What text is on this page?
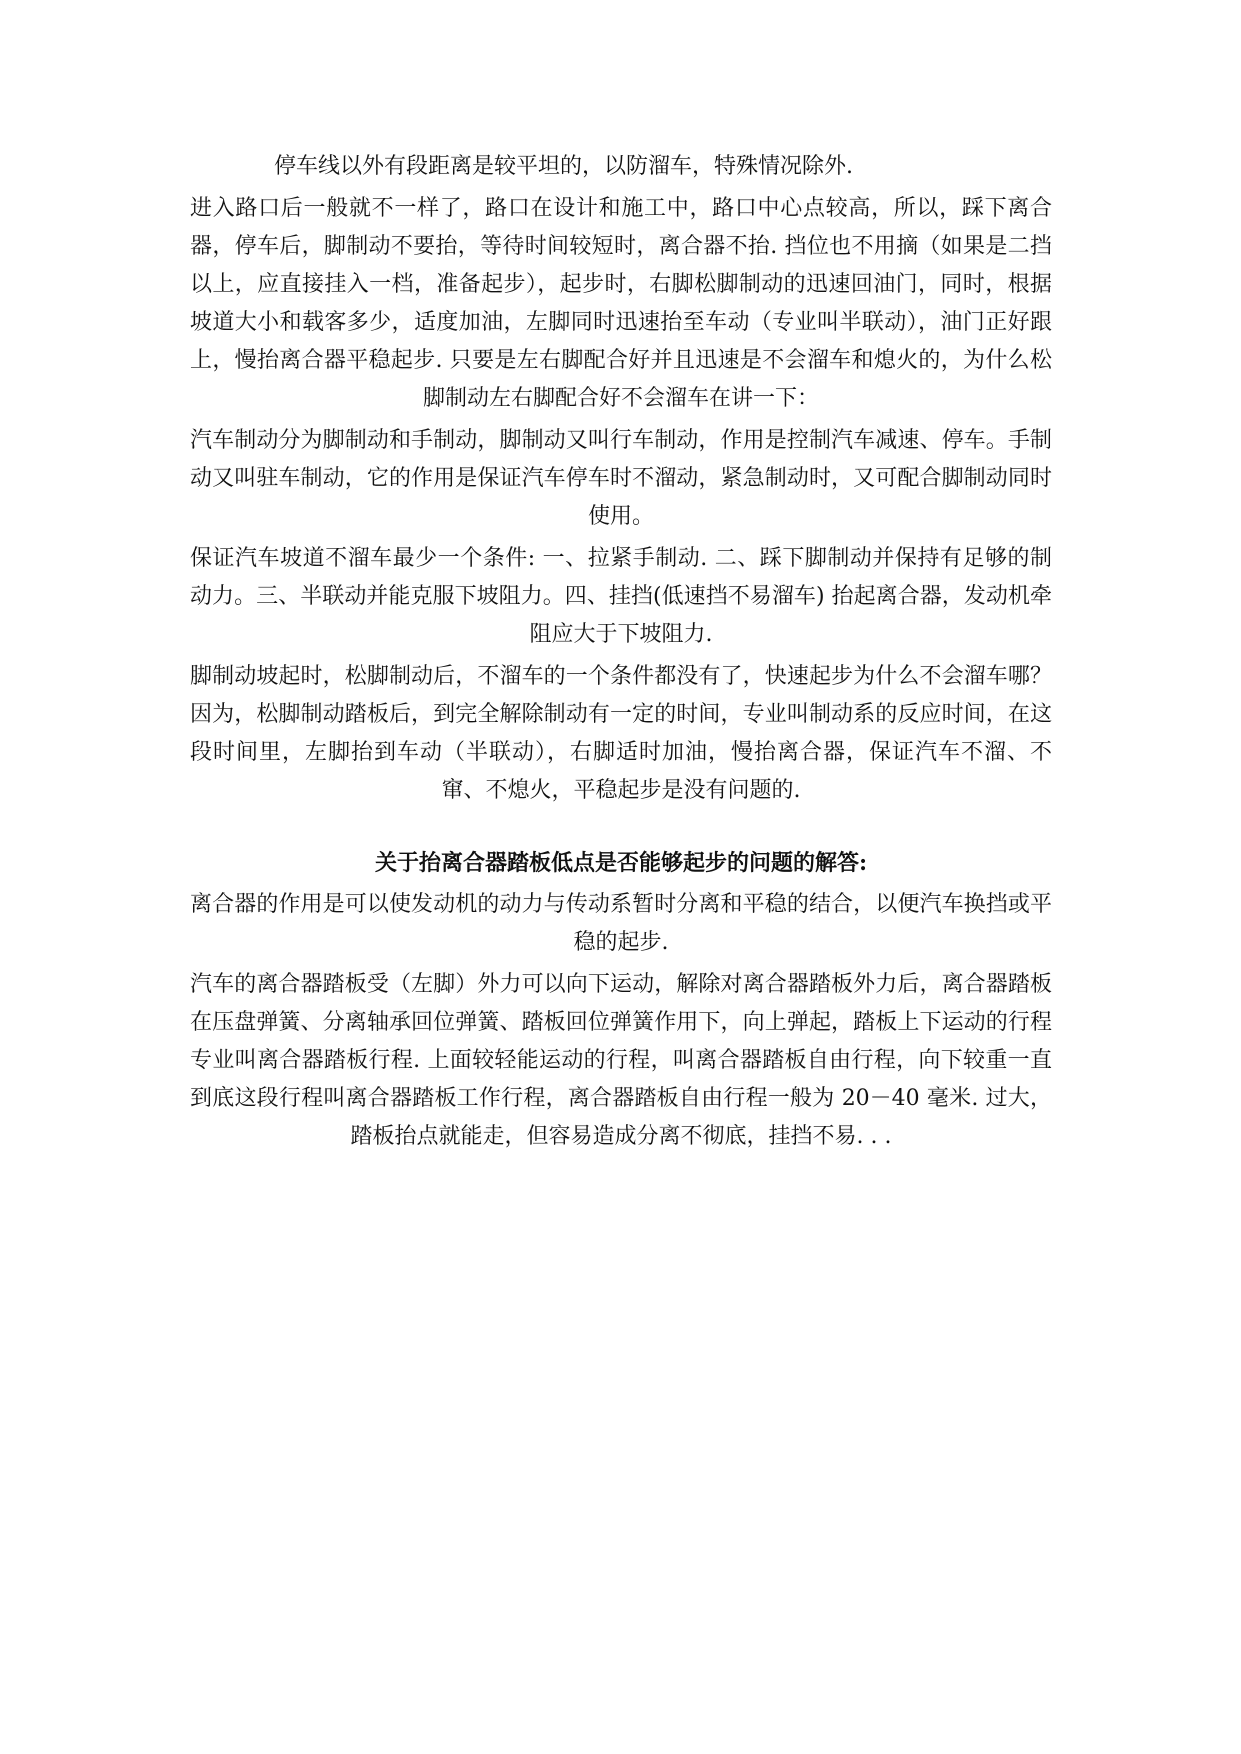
停车线以外有段距离是较平坦的，以防溜车，特殊情况除外.

进入路口后一般就不一样了，路口在设计和施工中，路口中心点较高，所以，踩下离合器，停车后，脚制动不要抬，等待时间较短时，离合器不抬. 挡位也不用摘（如果是二挡以上，应直接挂入一档，准备起步），起步时，右脚松脚制动的迅速回油门，同时，根据坡道大小和载客多少，适度加油，左脚同时迅速抬至车动（专业叫半联动），油门正好跟上，慢抬离合器平稳起步. 只要是左右脚配合好并且迅速是不会溜车和熄火的，为什么松脚制动左右脚配合好不会溜车在讲一下：

汽车制动分为脚制动和手制动，脚制动又叫行车制动，作用是控制汽车减速、停车。手制动又叫驻车制动，它的作用是保证汽车停车时不溜动，紧急制动时，又可配合脚制动同时使用。

保证汽车坡道不溜车最少一个条件: 一、拉紧手制动. 二、踩下脚制动并保持有足够的制动力。三、半联动并能克服下坡阻力。四、挂挡(低速挡不易溜车) 抬起离合器，发动机牵阻应大于下坡阻力.

脚制动坡起时，松脚制动后，不溜车的一个条件都没有了，快速起步为什么不会溜车哪？因为，松脚制动踏板后，到完全解除制动有一定的时间，专业叫制动系的反应时间，在这段时间里，左脚抬到车动（半联动），右脚适时加油，慢抬离合器，保证汽车不溜、不窜、不熄火，平稳起步是没有问题的.

关于抬离合器踏板低点是否能够起步的问题的解答:

离合器的作用是可以使发动机的动力与传动系暂时分离和平稳的结合，以便汽车换挡或平稳的起步.

汽车的离合器踏板受（左脚）外力可以向下运动，解除对离合器踏板外力后，离合器踏板在压盘弹簧、分离轴承回位弹簧、踏板回位弹簧作用下，向上弹起，踏板上下运动的行程专业叫离合器踏板行程. 上面较轻能运动的行程，叫离合器踏板自由行程，向下较重一直到底这段行程叫离合器踏板工作行程，离合器踏板自由行程一般为 20－40 毫米. 过大，踏板抬点就能走，但容易造成分离不彻底，挂挡不易. . .
